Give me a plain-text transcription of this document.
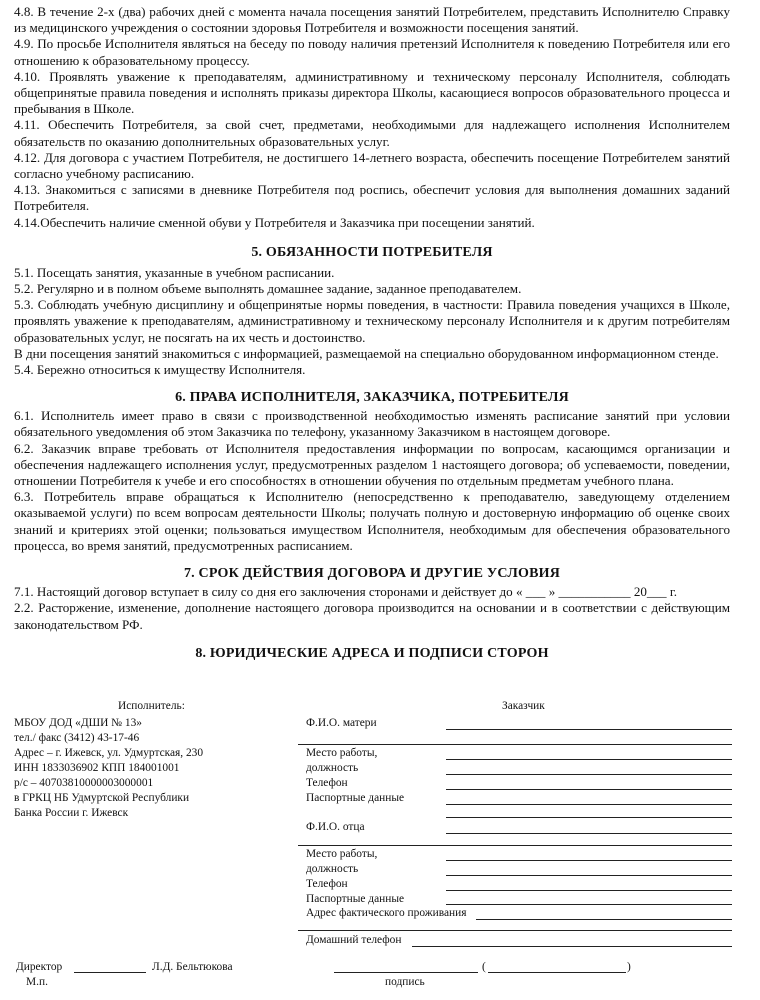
4.8. В течение 2-х (два) рабочих дней с момента начала посещения занятий Потребителем, представить Исполнителю Справку из медицинского учреждения о состоянии здоровья Потребителя и возможности посещения занятий.

4.9. По просьбе Исполнителя являться на беседу по поводу наличия претензий Исполнителя к поведению Потребителя или его отношению к образовательному процессу.

4.10. Проявлять уважение к преподавателям, административному и техническому персоналу Исполнителя, соблюдать общепринятые правила поведения и исполнять приказы директора Школы, касающиеся вопросов образовательного процесса и пребывания в Школе.

4.11. Обеспечить Потребителя, за свой счет, предметами, необходимыми для надлежащего исполнения Исполнителем обязательств по оказанию дополнительных образовательных услуг.

4.12. Для договора с участием Потребителя, не достигшего 14-летнего возраста, обеспечить посещение Потребителем занятий согласно учебному расписанию.

4.13. Знакомиться с записями в дневнике Потребителя под роспись, обеспечит условия для выполнения домашних заданий Потребителя.

4.14.Обеспечить наличие сменной обуви у Потребителя и Заказчика при посещении занятий.

5. ОБЯЗАННОСТИ ПОТРЕБИТЕЛЯ

5.1. Посещать занятия, указанные в учебном расписании.

5.2. Регулярно и в полном объеме выполнять домашнее задание, заданное преподавателем.

5.3. Соблюдать учебную дисциплину и общепринятые нормы поведения, в частности: Правила поведения учащихся в Школе, проявлять уважение к преподавателям, административному и техническому персоналу Исполнителя и к другим потребителям образовательных услуг, не посягать на их честь и достоинство.

В дни посещения занятий знакомиться с информацией, размещаемой на специально оборудованном информационном стенде.

5.4. Бережно относиться к имуществу Исполнителя.

6. ПРАВА ИСПОЛНИТЕЛЯ, ЗАКАЗЧИКА, ПОТРЕБИТЕЛЯ

6.1. Исполнитель имеет право в связи с производственной необходимостью изменять расписание занятий при условии обязательного уведомления об этом Заказчика по телефону, указанному Заказчиком в настоящем договоре.

6.2. Заказчик вправе требовать от Исполнителя предоставления информации по вопросам, касающимся организации и обеспечения надлежащего исполнения услуг, предусмотренных разделом 1 настоящего договора; об успеваемости, поведении, отношении Потребителя к учебе и его способностях в отношении обучения по отдельным предметам учебного плана.

6.3. Потребитель вправе обращаться к Исполнителю (непосредственно к преподавателю, заведующему отделением оказываемой услуги) по всем вопросам деятельности Школы; получать полную и достоверную информацию об оценке своих знаний и критериях этой оценки; пользоваться имуществом Исполнителя, необходимым для обеспечения образовательного процесса, во время занятий, предусмотренных расписанием.

7. СРОК ДЕЙСТВИЯ ДОГОВОРА И ДРУГИЕ УСЛОВИЯ

7.1. Настоящий договор вступает в силу со дня его заключения сторонами и действует до « ___ » ___________ 20___ г.

2.2. Расторжение, изменение, дополнение настоящего договора производится на основании и в соответствии с действующим законодательством РФ.

8. ЮРИДИЧЕСКИЕ АДРЕСА И ПОДПИСИ СТОРОН
Исполнитель:	Заказчик
МБОУ ДОД «ДШИ № 13»
тел./ факс (3412) 43-17-46
Адрес – г. Ижевск, ул. Удмуртская, 230
ИНН 1833036902 КПП 184001001
р/с – 40703810000003000001
в ГРКЦ НБ Удмуртской Республики
Банка России г. Ижевск
Ф.И.О. матери
Место работы,
должность
Телефон
Паспортные данные
Ф.И.О. отца
Место работы,
должность
Телефон
Паспортные данные
Адрес фактического проживания
Домашний телефон
Директор	Л.Д. Бельтюкова
М.п.
(	)
подпись
